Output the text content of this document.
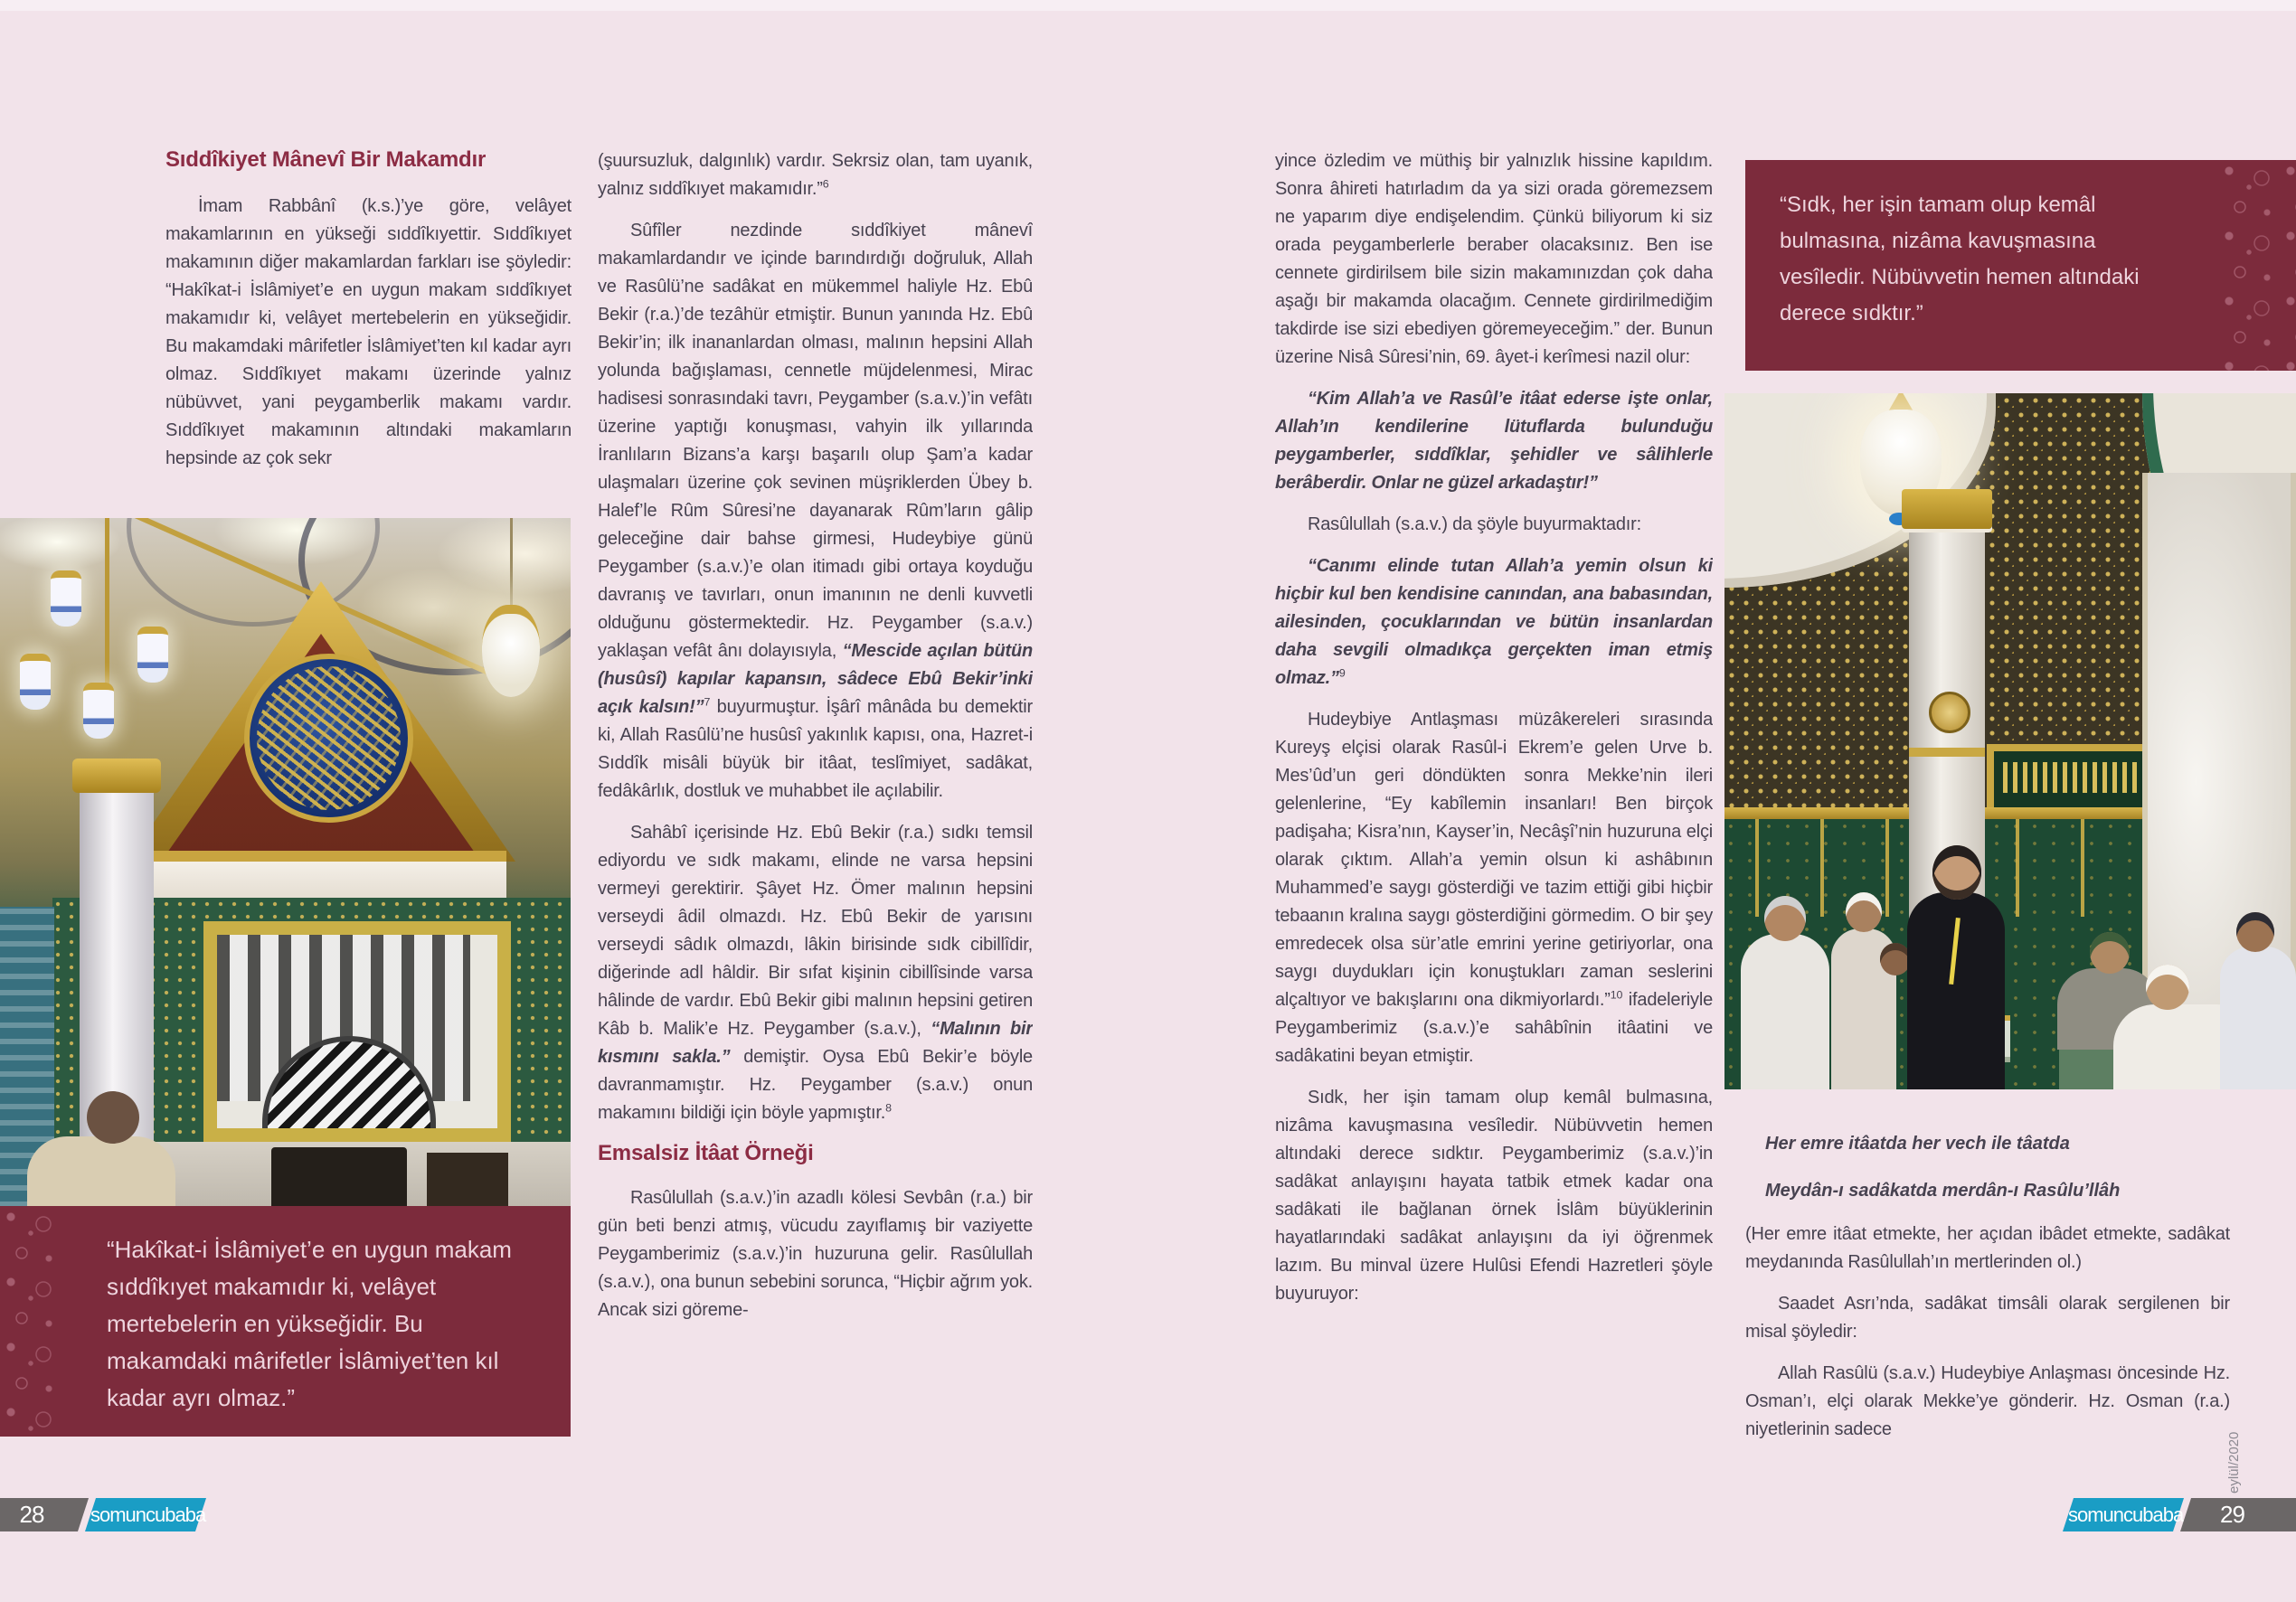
Sıddîkiyet Mânevî Bir Makamdır

İmam Rabbânî (k.s.)’ye göre, velâyet makamlarının en yükseği sıddîkıyettir. Sıddîkıyet makamının diğer makamlardan farkları ise şöyledir: “Hakîkat-i İslâmiyet’e en uygun makam sıddîkıyet makamıdır ki, velâyet mertebelerin en yükseğidir. Bu makamdaki mârifetler İslâmiyet’ten kıl kadar ayrı olmaz. Sıddîkıyet makamı üzerinde yalnız nübüvvet, yani peygamberlik makamı vardır. Sıddîkıyet makamının altındaki makamların hepsinde az çok sekr

“Hakîkat-i İslâmiyet’e en uygun makam sıddîkıyet makamıdır ki, velâyet mertebelerin en yükseğidir. Bu makamdaki mârifetler İslâmiyet’ten kıl kadar ayrı olmaz.”

(şuursuzluk, dalgınlık) vardır. Sekrsiz olan, tam uyanık, yalnız sıddîkıyet makamıdır.”$^6$

Sûfîler nezdinde sıddîkiyet mânevî makamlardandır ve içinde barındırdığı doğruluk, Allah ve Rasûlü’ne sadâkat en mükemmel haliyle Hz. Ebû Bekir (r.a.)’de tezâhür etmiştir. Bunun yanında Hz. Ebû Bekir’in; ilk inananlardan olması, malının hepsini Allah yolunda bağışlaması, cennetle müjdelenmesi, Mirac hadisesi sonrasındaki tavrı, Peygamber (s.a.v.)’in vefâtı üzerine yaptığı konuşması, vahyin ilk yıllarında İranlıların Bizans’a karşı başarılı olup Şam’a kadar ulaşmaları üzerine çok sevinen müşriklerden Übey b. Halef’le Rûm Sûresi’ne dayanarak Rûm’ların gâlip geleceğine dair bahse girmesi, Hudeybiye günü Peygamber (s.a.v.)’e olan itimadı gibi ortaya koyduğu davranış ve tavırları, onun imanının ne denli kuvvetli olduğunu göstermektedir. Hz. Peygamber (s.a.v.) yaklaşan vefât ânı dolayısıyla, “Mescide açılan bütün (husûsî) kapılar kapansın, sâdece Ebû Bekir’inki açık kalsın!”$^7$ buyurmuştur. İşârî mânâda bu demektir ki, Allah Rasûlü’ne husûsî yakınlık kapısı, ona, Hazret-i Sıddîk misâli büyük bir itâat, teslîmiyet, sadâkat, fedâkârlık, dostluk ve muhabbet ile açılabilir.

Sahâbî içerisinde Hz. Ebû Bekir (r.a.) sıdkı temsil ediyordu ve sıdk makamı, elinde ne varsa hepsini vermeyi gerektirir. Şâyet Hz. Ömer malının hepsini verseydi âdil olmazdı. Hz. Ebû Bekir de yarısını verseydi sâdık olmazdı, lâkin birisinde sıdk cibillîdir, diğerinde adl hâldir. Bir sıfat kişinin cibillîsinde varsa hâlinde de vardır. Ebû Bekir gibi malının hepsini getiren Kâb b. Malik’e Hz. Peygamber (s.a.v.), “Malının bir kısmını sakla.” demiştir. Oysa Ebû Bekir’e böyle davranmamıştır. Hz. Peygamber (s.a.v.) onun makamını bildiği için böyle yapmıştır.$^8$

Emsalsiz İtâat Örneği

Rasûlullah (s.a.v.)’in azadlı kölesi Sevbân (r.a.) bir gün beti benzi atmış, vücudu zayıflamış bir vaziyette Peygamberimiz (s.a.v.)’in huzuruna gelir. Rasûlullah (s.a.v.), ona bunun sebebini sorunca, “Hiçbir ağrım yok. Ancak sizi göreme-

yince özledim ve müthiş bir yalnızlık hissine kapıldım. Sonra âhireti hatırladım da ya sizi orada göremezsem ne yaparım diye endişelendim. Çünkü biliyorum ki siz orada peygamberlerle beraber olacaksınız. Ben ise cennete girdirilsem bile sizin makamınızdan çok daha aşağı bir makamda olacağım. Cennete girdirilmediğim takdirde ise sizi ebediyen göremeyeceğim.” der. Bunun üzerine Nisâ Sûresi’nin, 69. âyet-i kerîmesi nazil olur:

“Kim Allah’a ve Rasûl’e itâat ederse işte onlar, Allah’ın kendilerine lütuflarda bulunduğu peygamberler, sıddîklar, şehidler ve sâlihlerle berâberdir. Onlar ne güzel arkadaştır!”

Rasûlullah (s.a.v.) da şöyle buyurmaktadır:

“Canımı elinde tutan Allah’a yemin olsun ki hiçbir kul ben kendisine canından, ana babasından, ailesinden, çocuklarından ve bütün insanlardan daha sevgili olmadıkça gerçekten iman etmiş olmaz.”$^9$

Hudeybiye Antlaşması müzâkereleri sırasında Kureyş elçisi olarak Rasûl-i Ekrem’e gelen Urve b. Mes’ûd’un geri döndükten sonra Mekke’nin ileri gelenlerine, “Ey kabîlemin insanları! Ben birçok padişaha; Kisra’nın, Kayser’in, Necâşî’nin huzuruna elçi olarak çıktım. Allah’a yemin olsun ki ashâbının Muhammed’e saygı gösterdiği ve tazim ettiği gibi hiçbir tebaanın kralına saygı gösterdiğini görmedim. O bir şey emredecek olsa sür’atle emrini yerine getiriyorlar, ona saygı duydukları için konuştukları zaman seslerini alçaltıyor ve bakışlarını ona dikmiyorlardı.”$^{10}$ ifadeleriyle Peygamberimiz (s.a.v.)’e sahâbînin itâatini ve sadâkatini beyan etmiştir.

Sıdk, her işin tamam olup kemâl bulmasına, nizâma kavuşmasına vesîledir. Nübüvvetin hemen altındaki derece sıdktır. Peygamberimiz (s.a.v.)’in sadâkat anlayışını hayata tatbik etmek kadar ona sadâkati ile bağlanan örnek İslâm büyüklerinin hayatlarındaki sadâkat anlayışını da iyi öğrenmek lazım. Bu minval üzere Hulûsi Efendi Hazretleri şöyle buyuruyor:

“Sıdk, her işin tamam olup kemâl bulmasına, nizâma kavuşmasına vesîledir. Nübüvvetin hemen altındaki derece sıdktır.”

Her emre itâatda her vech ile tâatda

Meydân-ı sadâkatda merdân-ı Rasûlu’llâh

(Her emre itâat etmekte, her açıdan ibâdet etmekte, sadâkat meydanında Rasûlullah’ın mertlerinden ol.)

Saadet Asrı’nda, sadâkat timsâli olarak sergilenen bir misal şöyledir:

Allah Rasûlü (s.a.v.) Hudeybiye Anlaşması öncesinde Hz. Osman’ı, elçi olarak Mekke’ye gönderir. Hz. Osman (r.a.) niyetlerinin sadece

28	somuncubaba	somuncubaba	29
eylül/2020
